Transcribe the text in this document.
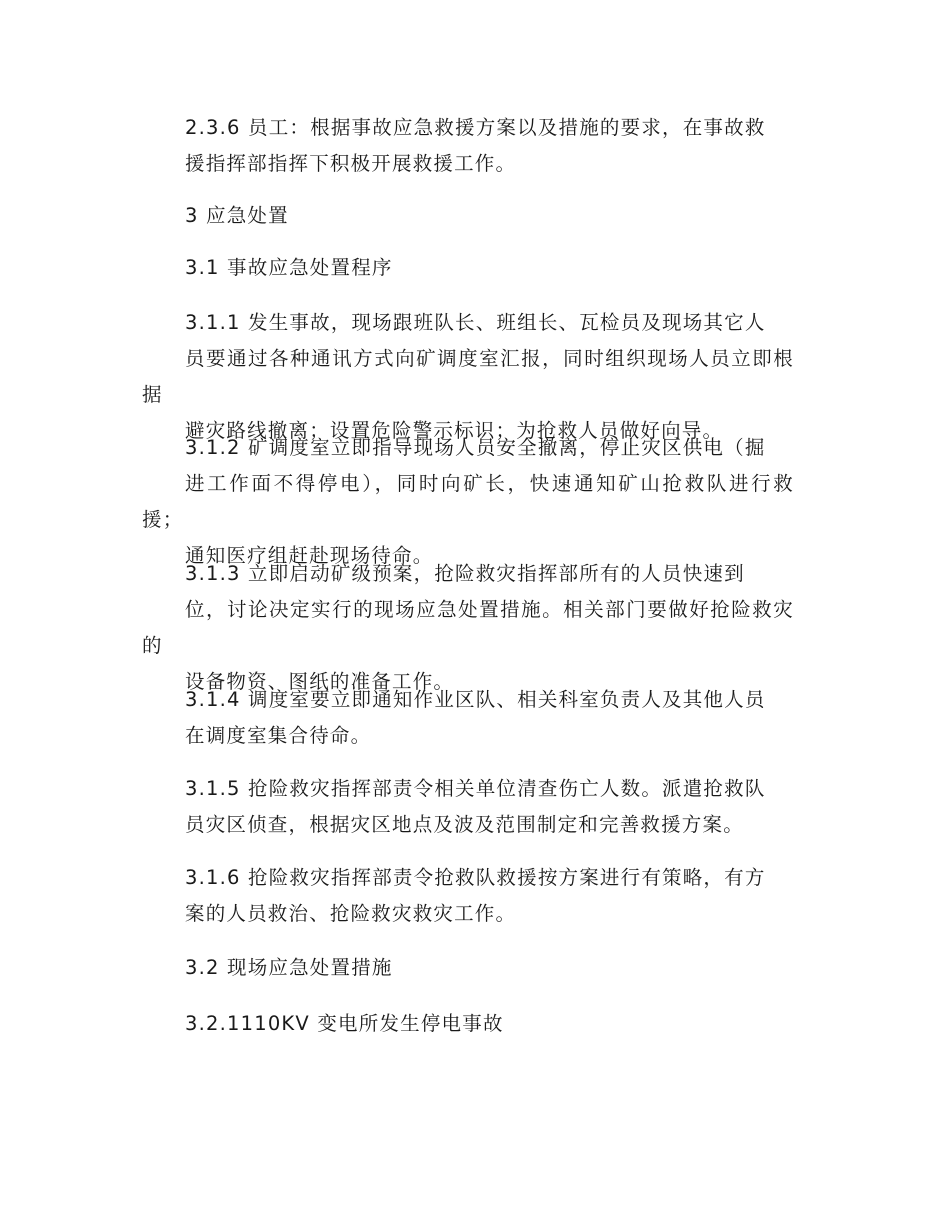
2.3.6 员工：根据事故应急救援方案以及措施的要求，在事故救
援指挥部指挥下积极开展救援工作。

3 应急处置

3.1 事故应急处置程序

3.1.1 发生事故，现场跟班队长、班组长、瓦检员及现场其它人
员要通过各种通讯方式向矿调度室汇报，同时组织现场人员立即根据
避灾路线撤离；设置危险警示标识；为抢救人员做好向导。

3.1.2 矿调度室立即指导现场人员安全撤离，停止灾区供电（掘
进工作面不得停电），同时向矿长，快速通知矿山抢救队进行救援；
通知医疗组赶赴现场待命。

3.1.3 立即启动矿级预案，抢险救灾指挥部所有的人员快速到
位，讨论决定实行的现场应急处置措施。相关部门要做好抢险救灾的
设备物资、图纸的准备工作。

3.1.4 调度室要立即通知作业区队、相关科室负责人及其他人员
在调度室集合待命。

3.1.5 抢险救灾指挥部责令相关单位清查伤亡人数。派遣抢救队
员灾区侦查，根据灾区地点及波及范围制定和完善救援方案。

3.1.6 抢险救灾指挥部责令抢救队救援按方案进行有策略，有方
案的人员救治、抢险救灾救灾工作。

3.2 现场应急处置措施

3.2.1110KV 变电所发生停电事故
